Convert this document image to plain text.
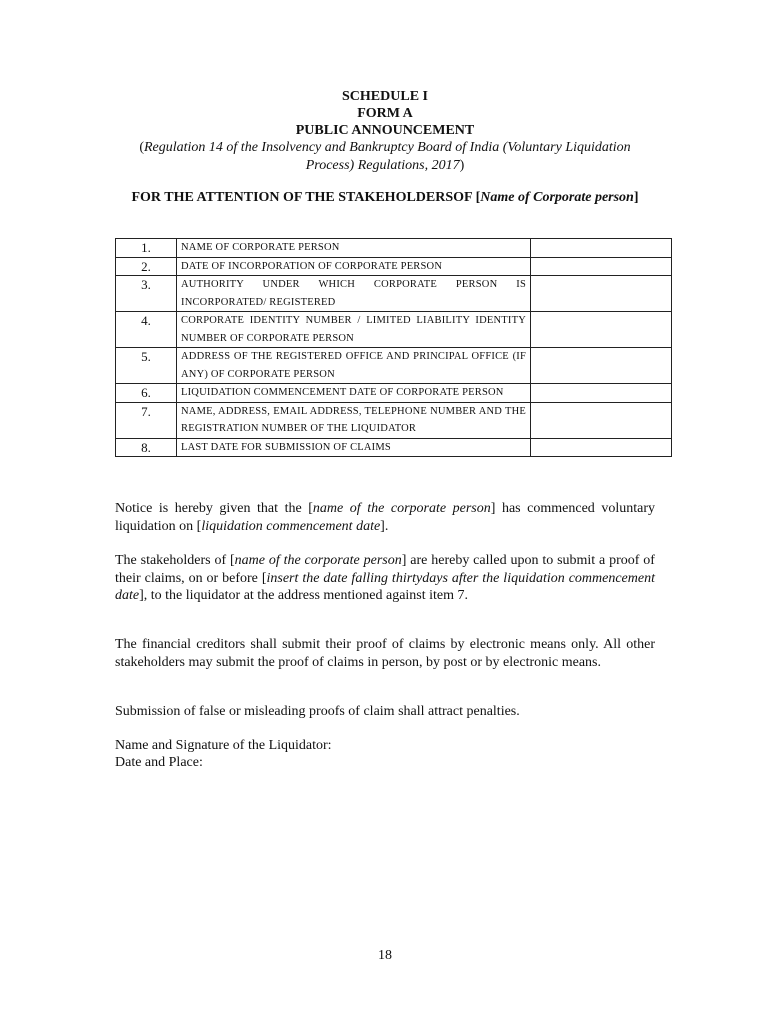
SCHEDULE I
FORM A
PUBLIC ANNOUNCEMENT
(Regulation 14 of the Insolvency and Bankruptcy Board of India (Voluntary Liquidation Process) Regulations, 2017)
FOR THE ATTENTION OF THE STAKEHOLDERSOF [Name of Corporate person]
1.	NAME OF CORPORATE PERSON	
2.	DATE OF INCORPORATION OF CORPORATE PERSON	
3.	AUTHORITY UNDER WHICH CORPORATE PERSON IS INCORPORATED/ REGISTERED	
4.	CORPORATE IDENTITY NUMBER / LIMITED LIABILITY IDENTITY NUMBER OF CORPORATE PERSON	
5.	ADDRESS OF THE REGISTERED OFFICE AND PRINCIPAL OFFICE (IF ANY) OF CORPORATE PERSON	
6.	LIQUIDATION COMMENCEMENT DATE OF CORPORATE PERSON	
7.	NAME, ADDRESS, EMAIL ADDRESS, TELEPHONE NUMBER AND THE REGISTRATION NUMBER OF THE LIQUIDATOR	
8.	LAST DATE FOR SUBMISSION OF CLAIMS	
Notice is hereby given that the [name of the corporate person] has commenced voluntary liquidation on [liquidation commencement date].
The stakeholders of [name of the corporate person] are hereby called upon to submit a proof of their claims, on or before [insert the date falling thirtydays after the liquidation commencement date], to the liquidator at the address mentioned against item 7.
The financial creditors shall submit their proof of claims by electronic means only. All other stakeholders may submit the proof of claims in person, by post or by electronic means.
Submission of false or misleading proofs of claim shall attract penalties.
Name and Signature of the Liquidator:
Date and Place:
18
